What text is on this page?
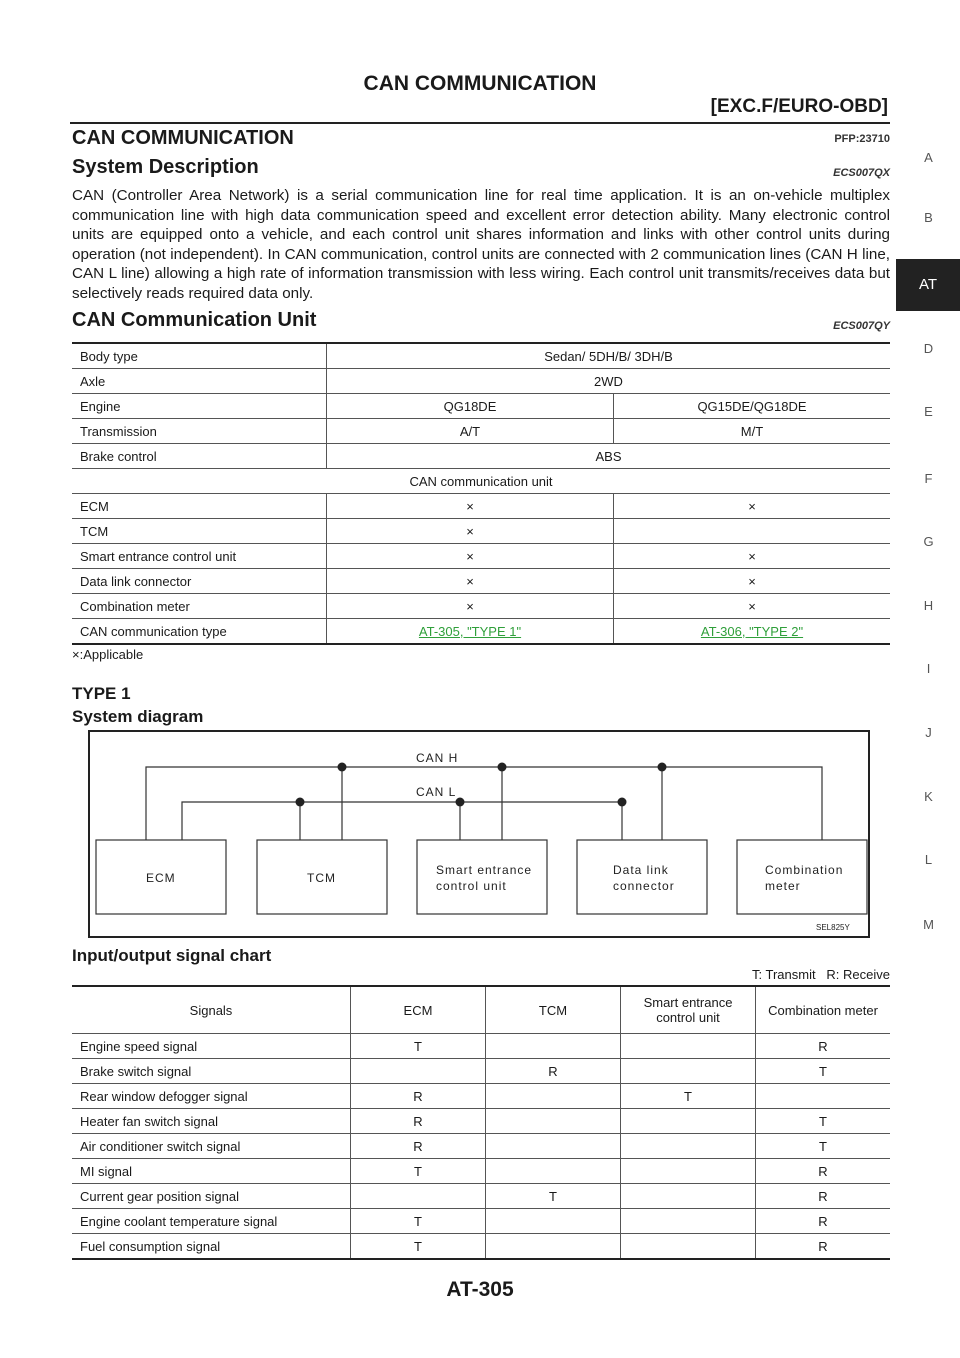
CAN COMMUNICATION
[EXC.F/EURO-OBD]
A
B
AT
D
E
F
G
H
I
J
K
L
M
CAN COMMUNICATION	PFP:23710
System Description	ECS007QX
CAN (Controller Area Network) is a serial communication line for real time application. It is an on-vehicle multiplex communication line with high data communication speed and excellent error detection ability. Many electronic control units are equipped onto a vehicle, and each control unit shares information and links with other control units during operation (not independent). In CAN communication, control units are connected with 2 communication lines (CAN H line, CAN L line) allowing a high rate of information transmission with less wiring. Each control unit transmits/receives data but selectively reads required data only.
CAN Communication Unit	ECS007QY
Body type	Sedan/ 5DH/B/ 3DH/B	
Axle	2WD	
Engine	QG18DE	QG15DE/QG18DE
Transmission	A/T	M/T
Brake control	ABS	
CAN communication unit		
ECM	×	×
TCM	×	
Smart entrance control unit	×	×
Data link connector	×	×
Combination meter	×	×
CAN communication type	AT-305, "TYPE 1"	AT-306, "TYPE 2"
×:Applicable
TYPE 1
System diagram
CAN H
CAN L
ECM	TCM
Smart entrance control unit
Data link connector
Combination meter
SEL825Y
Input/output signal chart
T: Transmit   R: Receive
Signals	ECM	TCM	Smart entrance control unit	Combination meter
Engine speed signal	T			R
Brake switch signal		R		T
Rear window defogger signal	R		T	
Heater fan switch signal	R			T
Air conditioner switch signal	R			T
MI signal	T			R
Current gear position signal		T		R
Engine coolant temperature signal	T			R
Fuel consumption signal	T			R
AT-305
